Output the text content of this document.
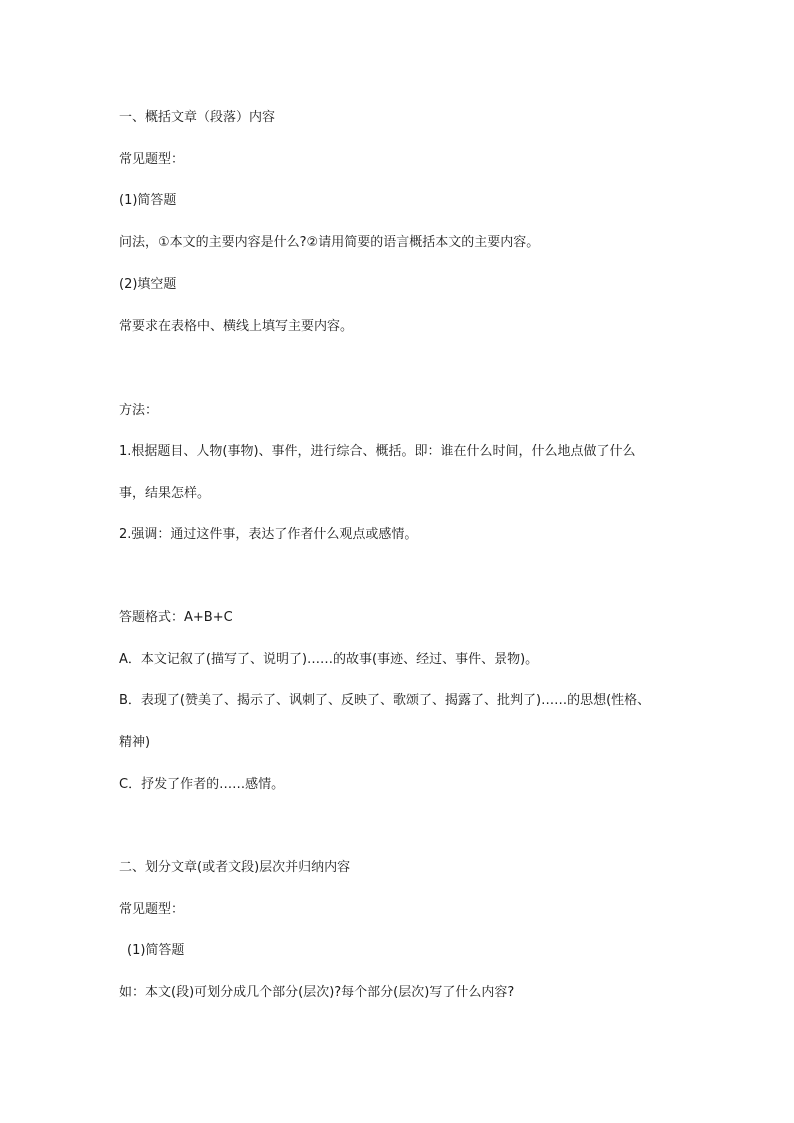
一、概括文章（段落）内容
常见题型：
(1)简答题
问法，①本文的主要内容是什么?②请用简要的语言概括本文的主要内容。
(2)填空题
常要求在表格中、横线上填写主要内容。
方法：
1.根据题目、人物(事物)、事件，进行综合、概括。即：谁在什么时间，什么地点做了什么
事，结果怎样。
2.强调：通过这件事，表达了作者什么观点或感情。
答题格式：A+B+C
A．本文记叙了(描写了、说明了)……的故事(事迹、经过、事件、景物)。
B．表现了(赞美了、揭示了、讽刺了、反映了、歌颂了、揭露了、批判了)……的思想(性格、
精神)
C．抒发了作者的……感情。
二、划分文章(或者文段)层次并归纳内容
常见题型：
(1)简答题
如：本文(段)可划分成几个部分(层次)?每个部分(层次)写了什么内容?
